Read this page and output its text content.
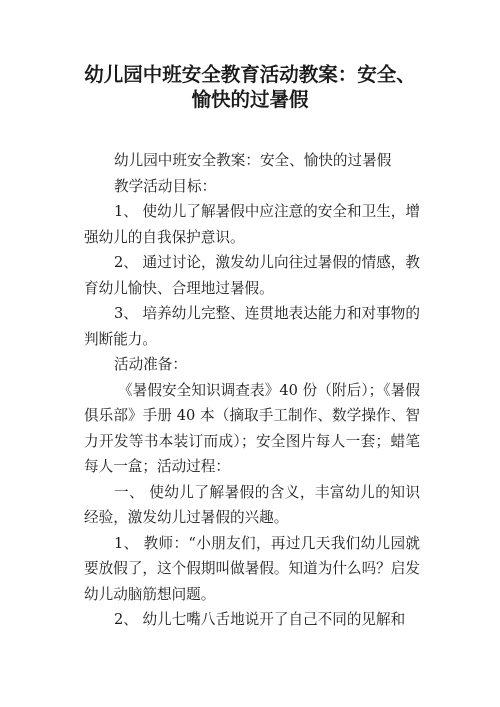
幼儿园中班安全教育活动教案：安全、
愉快的过暑假

幼儿园中班安全教案：安全、愉快的过暑假

教学活动目标：

1、 使幼儿了解暑假中应注意的安全和卫生，增强幼儿的自我保护意识。

2、 通过讨论，激发幼儿向往过暑假的情感，教育幼儿愉快、合理地过暑假。

3、 培养幼儿完整、连贯地表达能力和对事物的判断能力。

活动准备：

《暑假安全知识调查表》40 份（附后）；《暑假俱乐部》手册 40 本（摘取手工制作、数学操作、智力开发等书本装订而成）；安全图片每人一套；蜡笔每人一盒；活动过程：

一、 使幼儿了解暑假的含义，丰富幼儿的知识经验，激发幼儿过暑假的兴趣。

1、 教师：“小朋友们，再过几天我们幼儿园就要放假了，这个假期叫做暑假。知道为什么吗？启发幼儿动脑筋想问题。

2、 幼儿七嘴八舌地说开了自己不同的见解和
